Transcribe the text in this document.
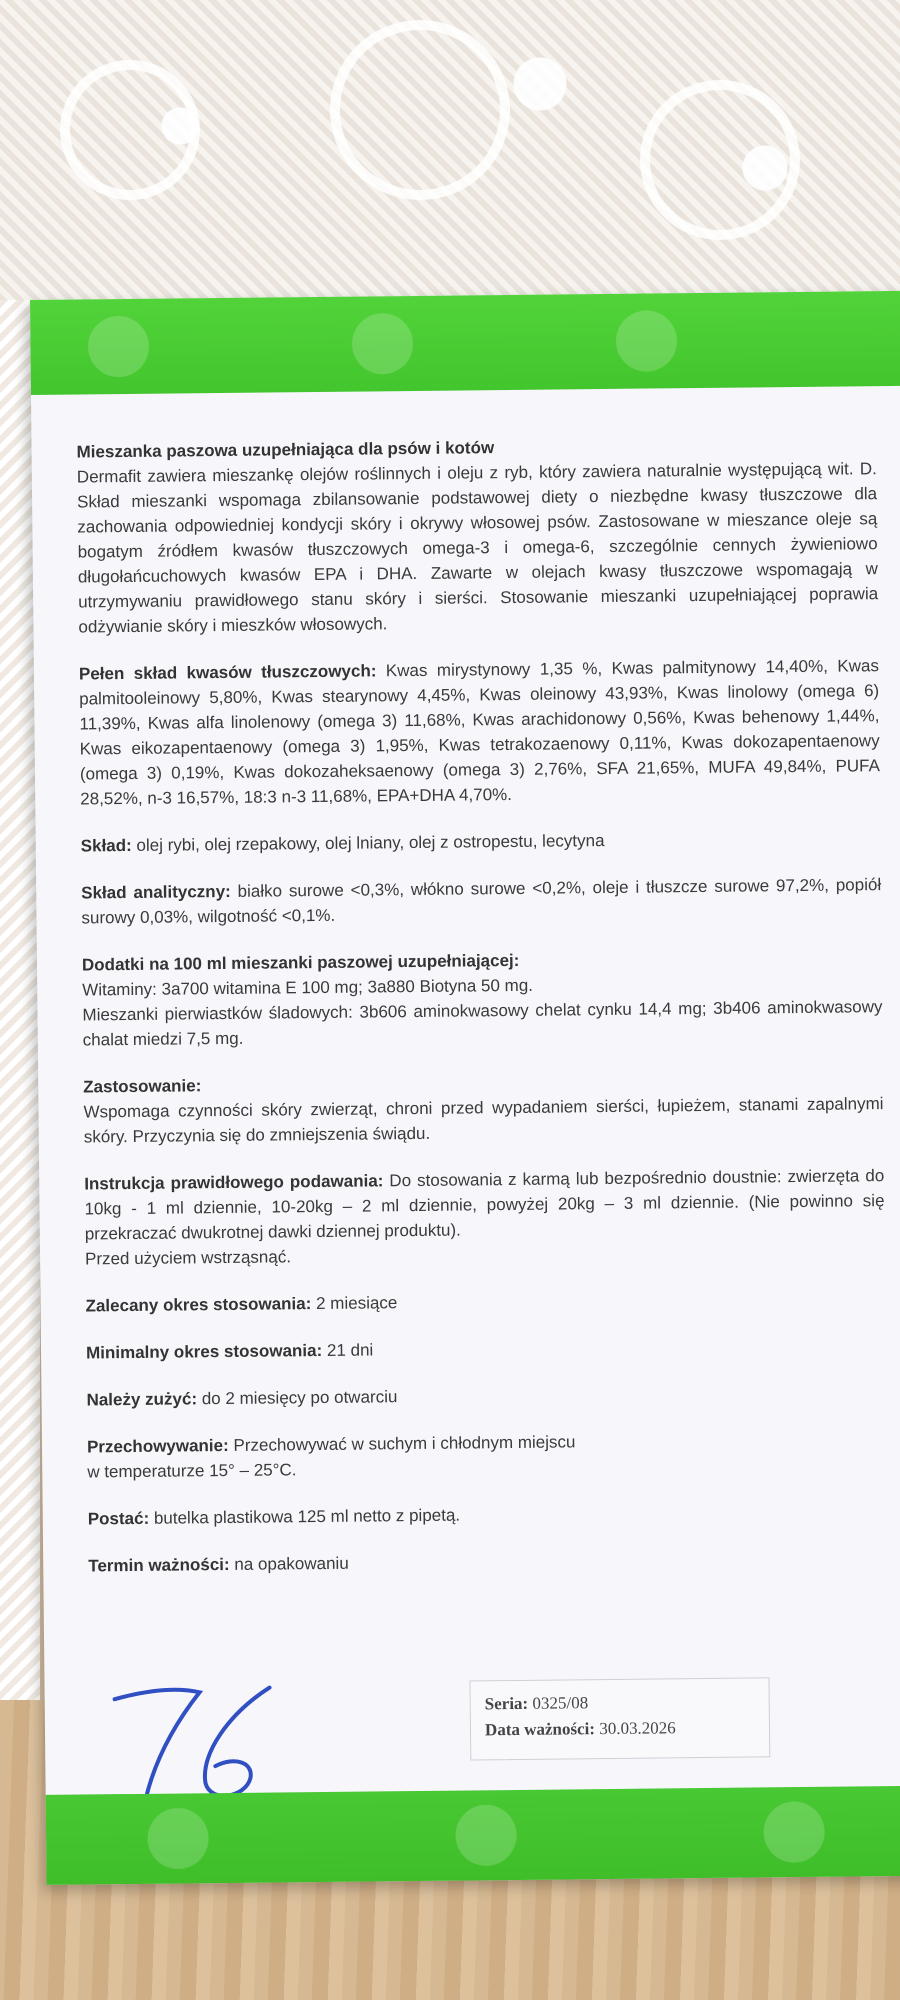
Mieszanka paszowa uzupełniająca dla psów i kotów
Dermafit zawiera mieszankę olejów roślinnych i oleju z ryb, który zawiera naturalnie występującą wit. D. Skład mieszanki wspomaga zbilansowanie podstawowej diety o niezbędne kwasy tłuszczowe dla zachowania odpowiedniej kondycji skóry i okrywy włosowej psów. Zastosowane w mieszance oleje są bogatym źródłem kwasów tłuszczowych omega-3 i omega-6, szczególnie cennych żywieniowo długołańcuchowych kwasów EPA i DHA. Zawarte w olejach kwasy tłuszczowe wspomagają w utrzymywaniu prawidłowego stanu skóry i sierści. Stosowanie mieszanki uzupełniającej poprawia odżywianie skóry i mieszków włosowych.

Pełen skład kwasów tłuszczowych: Kwas mirystynowy 1,35 %, Kwas palmitynowy 14,40%, Kwas palmitooleinowy 5,80%, Kwas stearynowy 4,45%, Kwas oleinowy 43,93%, Kwas linolowy (omega 6) 11,39%, Kwas alfa linolenowy (omega 3) 11,68%, Kwas arachidonowy 0,56%, Kwas behenowy 1,44%, Kwas eikozapentaenowy (omega 3) 1,95%, Kwas tetrakozaenowy 0,11%, Kwas dokozapentaenowy (omega 3) 0,19%, Kwas dokozaheksaenowy (omega 3) 2,76%, SFA 21,65%, MUFA 49,84%, PUFA 28,52%, n-3 16,57%, 18:3 n-3 11,68%, EPA+DHA 4,70%.

Skład: olej rybi, olej rzepakowy, olej lniany, olej z ostropestu, lecytyna

Skład analityczny: białko surowe <0,3%, włókno surowe <0,2%, oleje i tłuszcze surowe 97,2%, popiół surowy 0,03%, wilgotność <0,1%.

Dodatki na 100 ml mieszanki paszowej uzupełniającej:
Witaminy: 3a700 witamina E 100 mg; 3a880 Biotyna 50 mg.
Mieszanki pierwiastków śladowych: 3b606 aminokwasowy chelat cynku 14,4 mg; 3b406 aminokwasowy chalat miedzi 7,5 mg.

Zastosowanie:
Wspomaga czynności skóry zwierząt, chroni przed wypadaniem sierści, łupieżem, stanami zapalnymi skóry. Przyczynia się do zmniejszenia świądu.

Instrukcja prawidłowego podawania: Do stosowania z karmą lub bezpośrednio doustnie: zwierzęta do 10kg - 1 ml dziennie, 10-20kg – 2 ml dziennie, powyżej 20kg – 3 ml dziennie. (Nie powinno się przekraczać dwukrotnej dawki dziennej produktu).
Przed użyciem wstrząsnąć.

Zalecany okres stosowania: 2 miesiące

Minimalny okres stosowania: 21 dni

Należy zużyć: do 2 miesięcy po otwarciu

Przechowywanie: Przechowywać w suchym i chłodnym miejscu
w temperaturze 15° – 25°C.

Postać: butelka plastikowa 125 ml netto z pipetą.

Termin ważności: na opakowaniu

Seria: 0325/08
Data ważności: 30.03.2026
